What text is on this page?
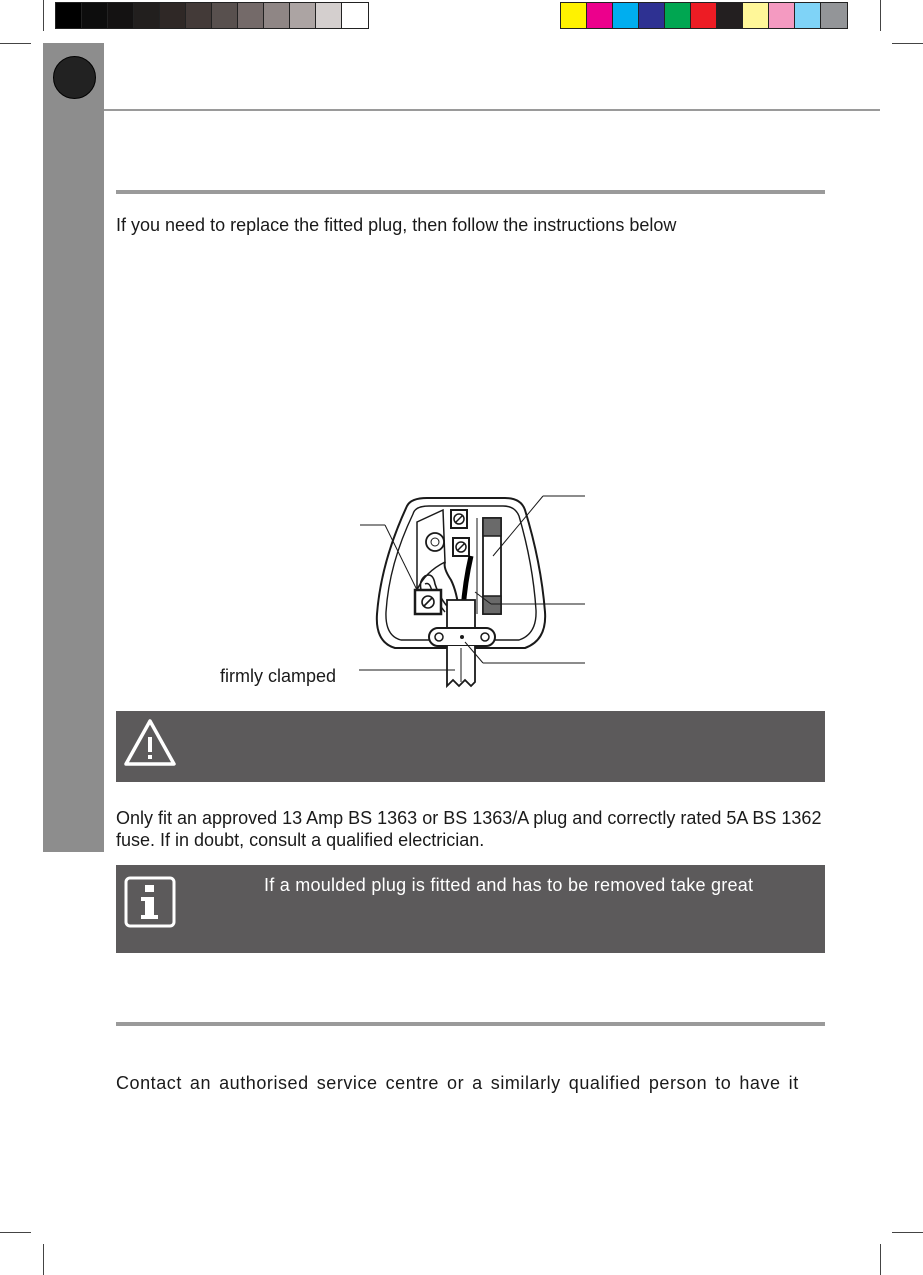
If you need to replace the fitted plug, then follow the instructions below
firmly clamped
Only fit an approved 13 Amp BS 1363 or BS 1363/A plug and correctly rated 5A BS 1362 fuse. If in doubt, consult a qualified electrician.
If a moulded plug is fitted and has to be removed take great
Contact an authorised service centre or a similarly qualified person to have it
